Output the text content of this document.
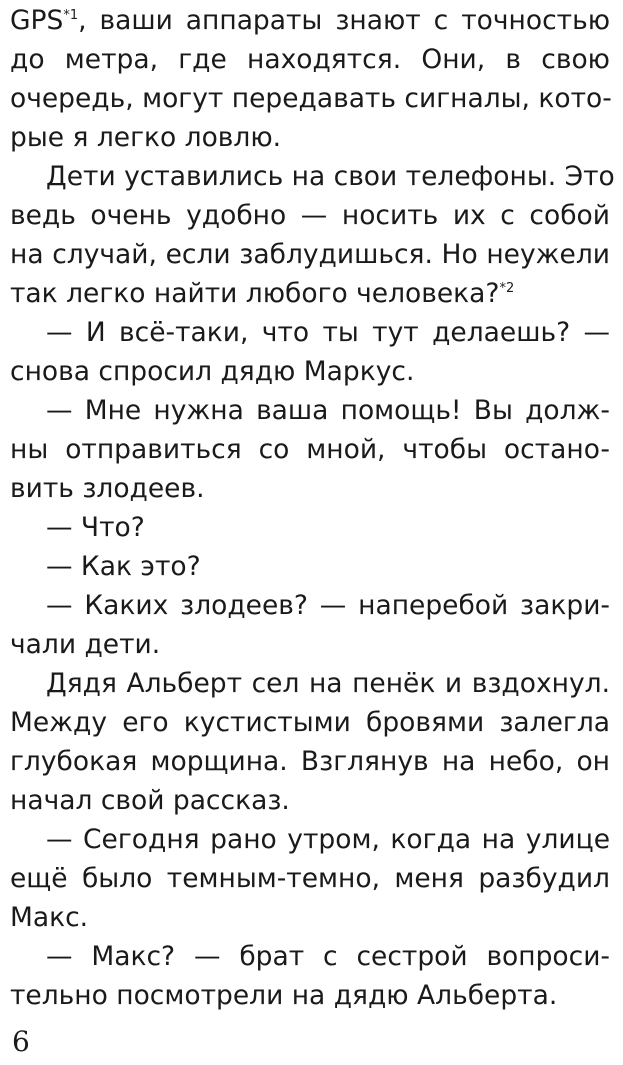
GPS$^{*1}$, ваши аппараты знают с точностью
до метра, где находятся. Они, в свою
очередь, могут передавать сигналы, кото-
рые я легко ловлю.
Дети уставились на свои телефоны. Это
ведь очень удобно — носить их с собой
на случай, если заблудишься. Но неужели
так легко найти любого человека?$^{*2}$
— И всё-таки, что ты тут делаешь? —
снова спросил дядю Маркус.
— Мне нужна ваша помощь! Вы долж-
ны отправиться со мной, чтобы останo-
вить злодеев.
— Что?
— Как это?
— Каких злодеев? — наперебой закри-
чали дети.
Дядя Альберт сел на пенёк и вздохнул.
Между его кустистыми бровями залегла
глубокая морщина. Взглянув на небо, он
начал свой рассказ.
— Сегодня рано утром, когда на улице
ещё было темным-темно, меня разбудил
Макс.
— Макс? — брат с сестрой вопроси-
тельно посмотрели на дядю Альберта.
6
